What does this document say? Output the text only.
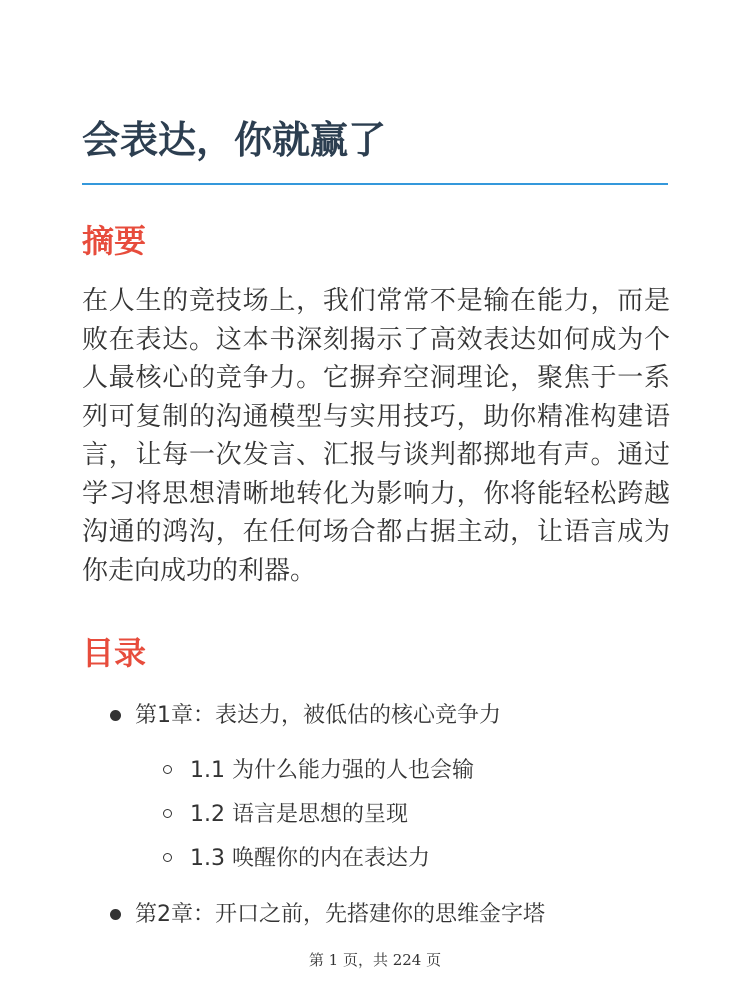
会表达，你就赢了
摘要

在人生的竞技场上，我们常常不是输在能力，而是败在表达。这本书深刻揭示了高效表达如何成为个人最核心的竞争力。它摒弃空洞理论，聚焦于一系列可复制的沟通模型与实用技巧，助你精准构建语言，让每一次发言、汇报与谈判都掷地有声。通过学习将思想清晰地转化为影响力，你将能轻松跨越沟通的鸿沟，在任何场合都占据主动，让语言成为你走向成功的利器。

目录
第1章：表达力，被低估的核心竞争力
1.1 为什么能力强的人也会输
1.2 语言是思想的呈现
1.3 唤醒你的内在表达力
第2章：开口之前，先搭建你的思维金字塔
第 1 页，共 224 页
